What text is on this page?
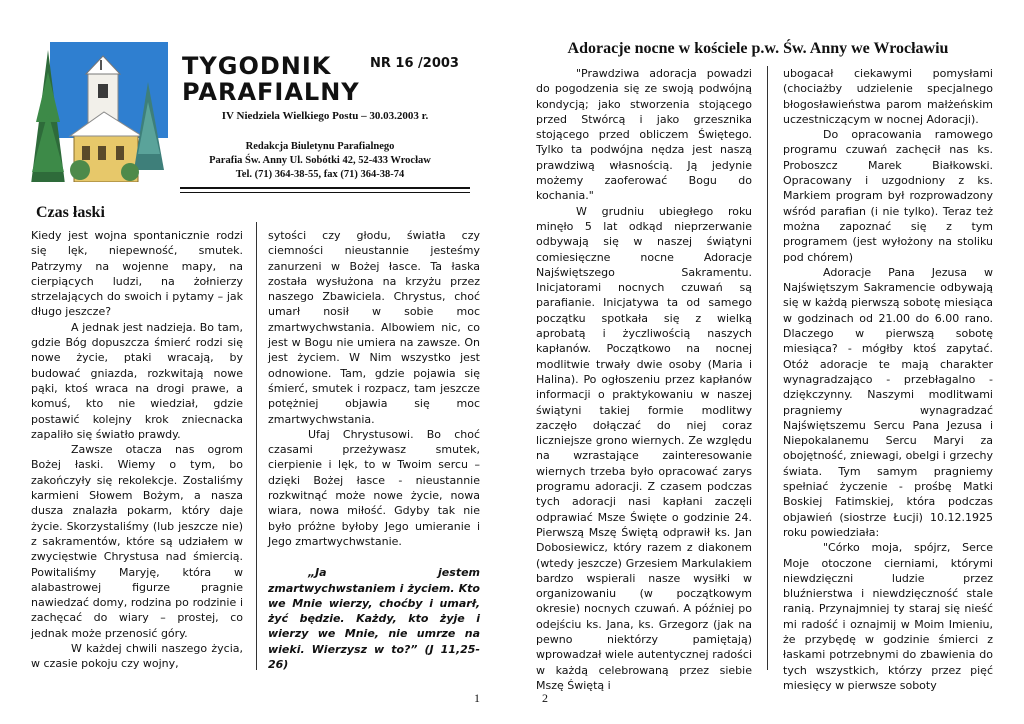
TYGODNIK	NR 16 /2003
PARAFIALNY
IV Niedziela Wielkiego Postu – 30.03.2003 r.
Redakcja Biuletynu Parafialnego
Parafia Św. Anny Ul. Sobótki 42, 52-433 Wrocław
Tel. (71) 364-38-55, fax (71) 364-38-74
Czas łaski

Kiedy jest wojna spontanicznie rodzi się lęk, niepewność, smutek. Patrzymy na wojenne mapy, na cierpiących ludzi, na żołnierzy strzelających do swoich i pytamy – jak długo jeszcze?

A jednak jest nadzieja. Bo tam, gdzie Bóg dopuszcza śmierć rodzi się nowe życie, ptaki wracają, by budować gniazda, rozkwitają nowe pąki, ktoś wraca na drogi prawe, a komuś, kto nie wiedział, gdzie postawić kolejny krok zniecnacka zapaliło się światło prawdy.

Zawsze otacza nas ogrom Bożej łaski. Wiemy o tym, bo zakończyły się rekolekcje. Zostaliśmy karmieni Słowem Bożym, a nasza dusza znalazła pokarm, który daje życie. Skorzystaliśmy (lub jeszcze nie) z sakramentów, które są udziałem w zwycięstwie Chrystusa nad śmiercią. Powitaliśmy Maryję, która w alabastrowej figurze pragnie nawiedzać domy, rodzina po rodzinie i zachęcać do wiary – prostej, co jednak może przenosić góry.

W każdej chwili naszego życia, w czasie pokoju czy wojny,

sytości czy głodu, światła czy ciemności nieustannie jesteśmy zanurzeni w Bożej łasce. Ta łaska została wysłużona na krzyżu przez naszego Zbawiciela. Chrystus, choć umarł nosił w sobie moc zmartwychwstania. Albowiem nic, co jest w Bogu nie umiera na zawsze. On jest życiem. W Nim wszystko jest odnowione. Tam, gdzie pojawia się śmierć, smutek i rozpacz, tam jeszcze potężniej objawia się moc zmartwychwstania.

Ufaj Chrystusowi. Bo choć czasami przeżywasz smutek, cierpienie i lęk, to w Twoim sercu – dzięki Bożej łasce - nieustannie rozkwitnąć może nowe życie, nowa wiara, nowa miłość. Gdyby tak nie było próżne byłoby Jego umieranie i Jego zmartwychwstanie.

„Ja jestem zmartwychwstaniem i życiem. Kto we Mnie wierzy, choćby i umarł, żyć będzie. Każdy, kto żyje i wierzy we Mnie, nie umrze na wieki. Wierzysz w to?” (J 11,25-26)

Adoracje nocne w kościele p.w. Św. Anny we Wrocławiu

"Prawdziwa adoracja powadzi do pogodzenia się ze swoją podwójną kondycją; jako stworzenia stojącego przed Stwórcą i jako grzesznika stojącego przed obliczem Świętego. Tylko ta podwójna nędza jest naszą prawdziwą własnością. Ją jedynie możemy zaoferować Bogu do kochania."

W grudniu ubiegłego roku minęło 5 lat odkąd nieprzerwanie odbywają się w naszej świątyni comiesięczne nocne Adoracje Najświętszego Sakramentu. Inicjatorami nocnych czuwań są parafianie. Inicjatywa ta od samego początku spotkała się z wielką aprobatą i życzliwością naszych kapłanów. Początkowo na nocnej modlitwie trwały dwie osoby (Maria i Halina). Po ogłoszeniu przez kapłanów informacji o praktykowaniu w naszej świątyni takiej formie modlitwy zaczęło dołączać do niej coraz liczniejsze grono wiernych. Ze względu na wzrastające zainteresowanie wiernych trzeba było opracować zarys programu adoracji. Z czasem podczas tych adoracji nasi kapłani zaczęli odprawiać Msze Święte o godzinie 24. Pierwszą Mszę Świętą odprawił ks. Jan Dobosiewicz, który razem z diakonem (wtedy jeszcze) Grzesiem Markulakiem bardzo wspierali nasze wysiłki w organizowaniu (w początkowym okresie) nocnych czuwań. A później po odejściu ks. Jana, ks. Grzegorz (jak na pewno niektórzy pamiętają) wprowadzał wiele autentycznej radości w każdą celebrowaną przez siebie Mszę Świętą i

ubogacał ciekawymi pomysłami (chociażby udzielenie specjalnego błogosławieństwa parom małżeńskim uczestniczącym w nocnej Adoracji).

Do opracowania ramowego programu czuwań zachęcił nas ks. Proboszcz Marek Białkowski. Opracowany i uzgodniony z ks. Markiem program był rozprowadzony wśród parafian (i nie tylko). Teraz też można zapoznać się z tym programem (jest wyłożony na stoliku pod chórem)

Adoracje Pana Jezusa w Najświętszym Sakramencie odbywają się w każdą pierwszą sobotę miesiąca w godzinach od 21.00 do 6.00 rano. Dlaczego w pierwszą sobotę miesiąca? - mógłby ktoś zapytać. Otóż adoracje te mają charakter wynagradzająco - przebłagalno - dziękczynny. Naszymi modlitwami pragniemy wynagradzać Najświętszemu Sercu Pana Jezusa i Niepokalanemu Sercu Maryi za obojętność, zniewagi, obelgi i grzechy świata. Tym samym pragniemy spełniać życzenie - prośbę Matki Boskiej Fatimskiej, która podczas objawień (siostrze Łucji) 10.12.1925 roku powiedziała:

"Córko moja, spójrz, Serce Moje otoczone cierniami, którymi niewdzięczni ludzie przez bluźnierstwa i niewdzięczność stale ranią. Przynajmniej ty staraj się nieść mi radość i oznajmij w Moim Imieniu, że przybędę w godzinie śmierci z łaskami potrzebnymi do zbawienia do tych wszystkich, którzy przez pięć miesięcy w pierwsze soboty

1	2
